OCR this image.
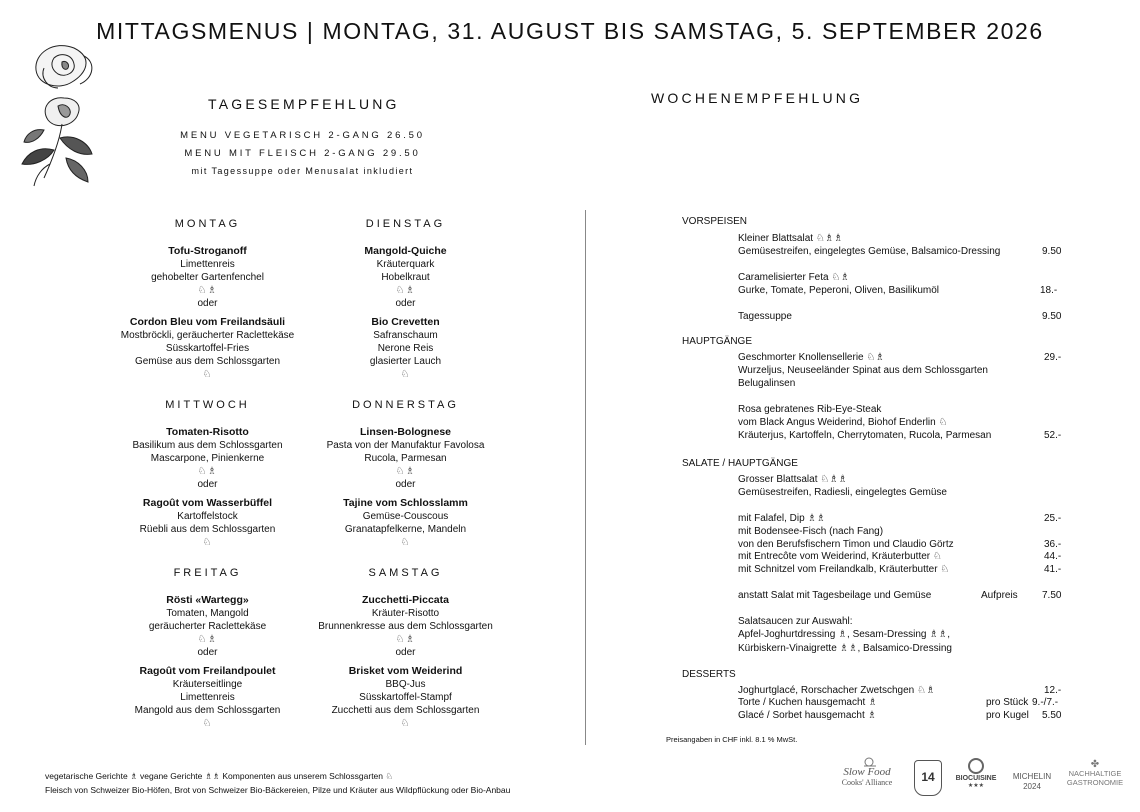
MITTAGSMENUS | MONTAG, 31. AUGUST BIS SAMSTAG, 5. SEPTEMBER 2026
TAGESEMPFEHLUNG
MENU VEGETARISCH 2-GANG 26.50
MENU MIT FLEISCH 2-GANG 29.50
mit Tagessuppe oder Menusalat inkludiert
WOCHENEMPFEHLUNG
MONTAG
Tofu-Stroganoff
Limettenreis
gehobelter Gartenfenchel
♘♗
oder
Cordon Bleu vom Freilandsäuli
Mostbröckli, geräucherter Raclettekäse
Süsskartoffel-Fries
Gemüse aus dem Schlossgarten
♘
DIENSTAG
Mangold-Quiche
Kräuterquark
Hobelkraut
♘♗
oder
Bio Crevetten
Safranschaum
Nerone Reis
glasierter Lauch
♘
MITTWOCH
Tomaten-Risotto
Basilikum aus dem Schlossgarten
Mascarpone, Pinienkerne
♘♗
oder
Ragoût vom Wasserbüffel
Kartoffelstock
Rüebli aus dem Schlossgarten
♘
DONNERSTAG
Linsen-Bolognese
Pasta von der Manufaktur Favolosa
Rucola, Parmesan
♘♗
oder
Tajine vom Schlosslamm
Gemüse-Couscous
Granatapfelkerne, Mandeln
♘
FREITAG
Rösti «Wartegg»
Tomaten, Mangold
geräucherter Raclettekäse
♘♗
oder
Ragoût vom Freilandpoulet
Kräuterseitlinge
Limettenreis
Mangold aus dem Schlossgarten
♘
SAMSTAG
Zucchetti-Piccata
Kräuter-Risotto
Brunnenkresse aus dem Schlossgarten
♘♗
oder
Brisket vom Weiderind
BBQ-Jus
Süsskartoffel-Stampf
Zucchetti aus dem Schlossgarten
♘
VORSPEISEN
Kleiner Blattsalat ♘♗♗
Gemüsestreifen, eingelegtes Gemüse, Balsamico-Dressing	9.50
Caramelisierter Feta ♘♗
Gurke, Tomate, Peperoni, Oliven, Basilikumöl	18.-
Tagessuppe	9.50
HAUPTGÄNGE
Geschmorter Knollensellerie ♘♗	29.-
Wurzeljus, Neuseeländer Spinat aus dem Schlossgarten
Belugalinsen
Rosa gebratenes Rib-Eye-Steak
vom Black Angus Weiderind, Biohof Enderlin ♘
Kräuterjus, Kartoffeln, Cherrytomaten, Rucola, Parmesan	52.-
SALATE / HAUPTGÄNGE
Grosser Blattsalat ♘♗♗
Gemüsestreifen, Radiesli, eingelegtes Gemüse
mit Falafel, Dip ♗♗	25.-
mit Bodensee-Fisch (nach Fang)
von den Berufsfischern Timon und Claudio Görtz	36.-
mit Entrecôte vom Weiderind, Kräuterbutter ♘	44.-
mit Schnitzel vom Freilandkalb, Kräuterbutter ♘	41.-
anstatt Salat mit Tagesbeilage und Gemüse	Aufpreis 7.50
Salatsaucen zur Auswahl:
Apfel-Joghurtdressing ♗, Sesam-Dressing ♗♗,
Kürbiskern-Vinaigrette ♗♗, Balsamico-Dressing
DESSERTS
Joghurtglacé, Rorschacher Zwetschgen ♘♗	12.-
Torte / Kuchen hausgemacht ♗	pro Stück 9.-/7.-
Glacé / Sorbet hausgemacht ♗	pro Kugel 5.50
Preisangaben in CHF inkl. 8.1 % MwSt.
vegetarische Gerichte ♗ vegane Gerichte ♗♗ Komponenten aus unserem Schlossgarten ♘
Fleisch von Schweizer Bio-Höfen, Brot von Schweizer Bio-Bäckereien, Pilze und Kräuter aus Wildpflückung oder Bio-Anbau
Slow Food
Cooks' Alliance	14	BIOCUISINE
★★★
MICHELIN
2024
✤
NACHHALTIGE
GASTRONOMIE
